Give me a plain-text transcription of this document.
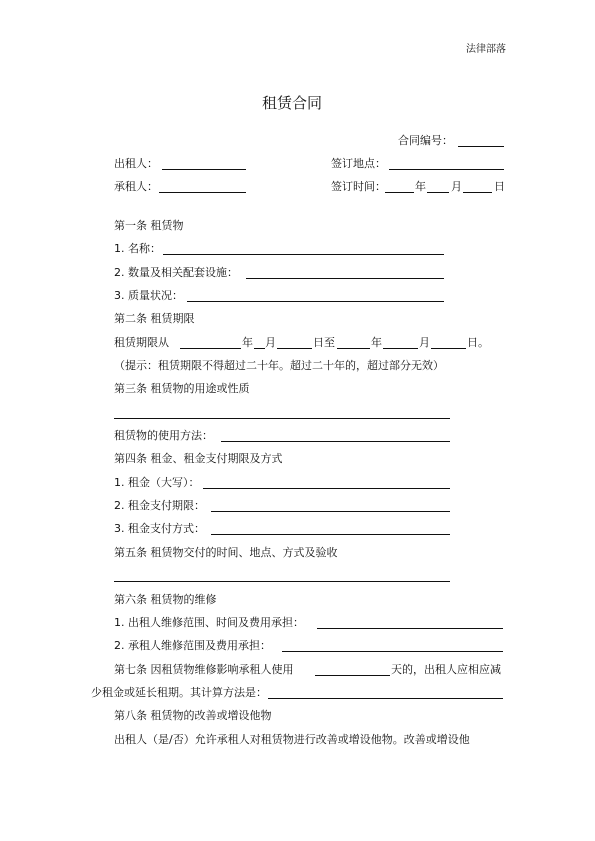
法律部落
租赁合同
合同编号：
出租人：	签订地点：
承租人：	签订时间：	年 月	日
第一条 租赁物
1. 名称：
2. 数量及相关配套设施：
3. 质量状况：
第二条 租赁期限
租赁期限从	年 月	日至	年	月	日。
（提示：租赁期限不得超过二十年。超过二十年的，超过部分无效）
第三条 租赁物的用途或性质
租赁物的使用方法：
第四条 租金、租金支付期限及方式
1. 租金（大写）：
2. 租金支付期限：
3. 租金支付方式：
第五条 租赁物交付的时间、地点、方式及验收
第六条 租赁物的维修
1. 出租人维修范围、时间及费用承担：
2. 承租人维修范围及费用承担：
第七条 因租赁物维修影响承租人使用	天的，出租人应相应减
少租金或延长租期。其计算方法是：
第八条 租赁物的改善或增设他物
出租人（是/否）允许承租人对租赁物进行改善或增设他物。改善或增设他
